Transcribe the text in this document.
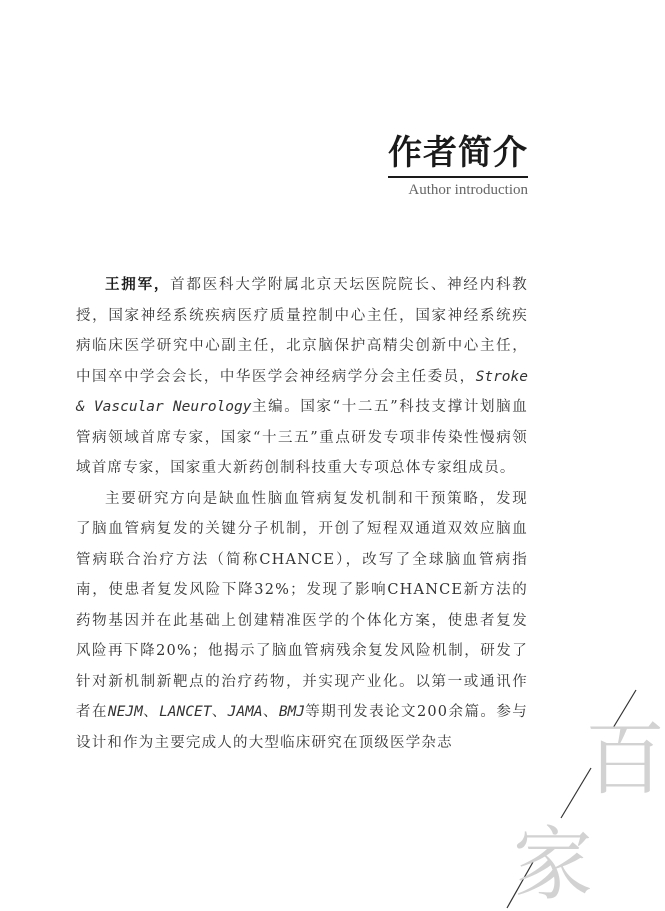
作者简介
Author introduction

王拥军，首都医科大学附属北京天坛医院院长、神经内科教授，国家神经系统疾病医疗质量控制中心主任，国家神经系统疾病临床医学研究中心副主任，北京脑保护高精尖创新中心主任，中国卒中学会会长，中华医学会神经病学分会主任委员，Stroke & Vascular Neurology主编。国家“十二五”科技支撑计划脑血管病领域首席专家，国家“十三五”重点研发专项非传染性慢病领域首席专家，国家重大新药创制科技重大专项总体专家组成员。

主要研究方向是缺血性脑血管病复发机制和干预策略，发现了脑血管病复发的关键分子机制，开创了短程双通道双效应脑血管病联合治疗方法（简称CHANCE），改写了全球脑血管病指南，使患者复发风险下降32%；发现了影响CHANCE新方法的药物基因并在此基础上创建精准医学的个体化方案，使患者复发风险再下降20%；他揭示了脑血管病残余复发风险机制，研发了针对新机制新靶点的治疗药物，并实现产业化。以第一或通讯作者在NEJM、LANCET、JAMA、BMJ等期刊发表论文200余篇。参与设计和作为主要完成人的大型临床研究在顶级医学杂志	百
家
